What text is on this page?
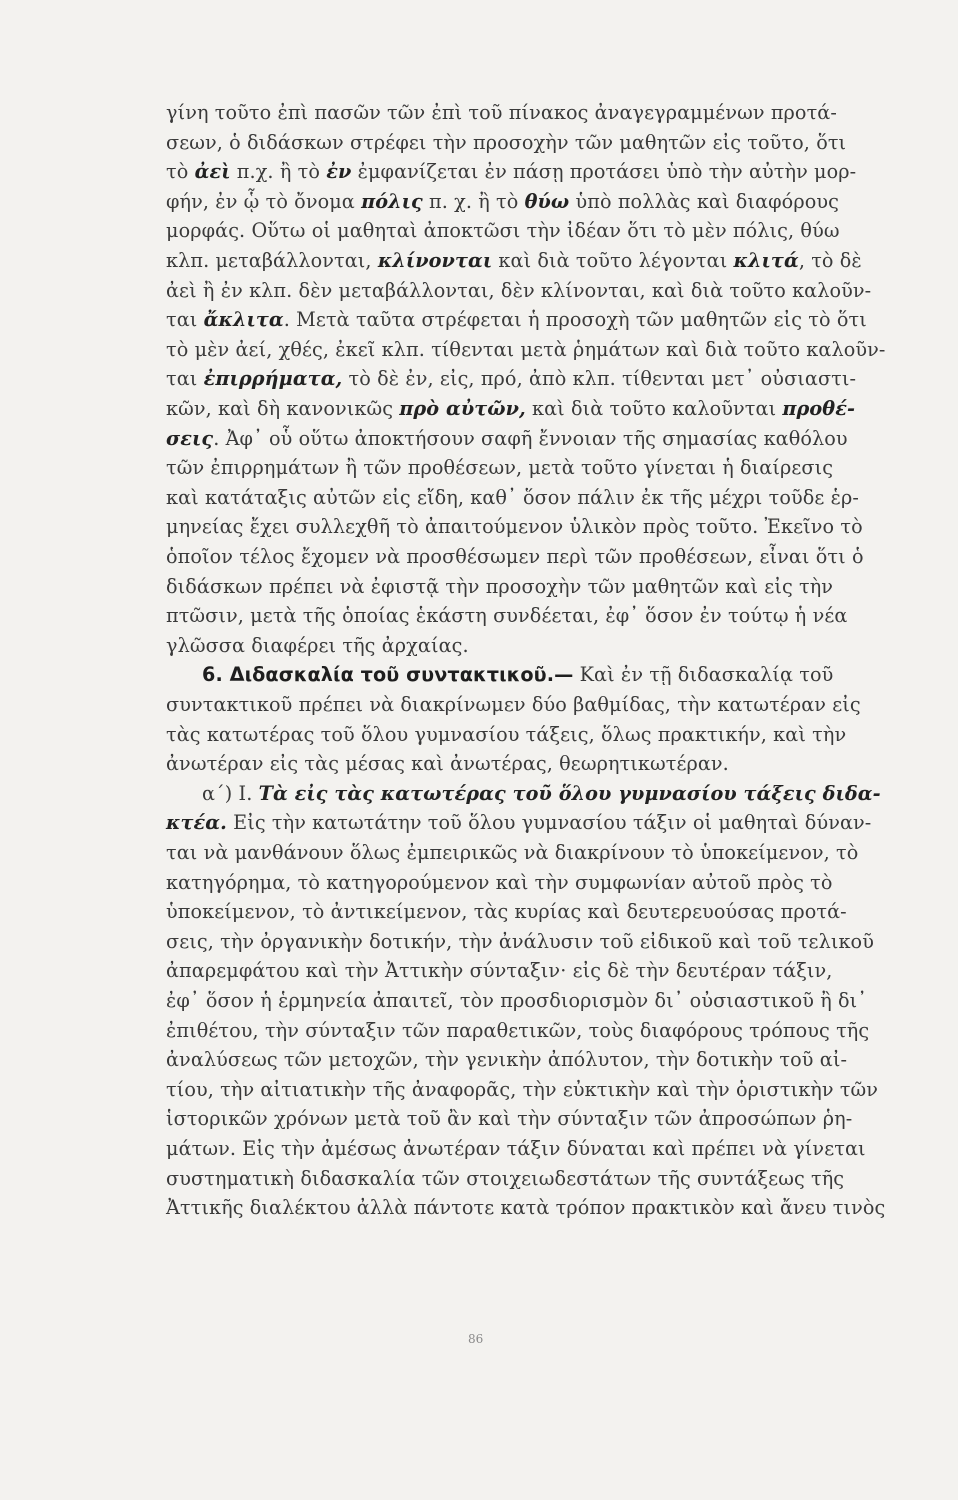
γίνη τοῦτο ἐπὶ πασῶν τῶν ἐπὶ τοῦ πίνακος ἀναγεγραμμένων προτά-
σεων, ὁ διδάσκων στρέφει τὴν προσοχὴν τῶν μαθητῶν εἰς τοῦτο, ὅτι
τὸ ἀεὶ π.χ. ἢ τὸ ἐν ἐμφανίζεται ἐν πάσῃ προτάσει ὑπὸ τὴν αὐτὴν μορ-
φήν, ἐν ᾧ τὸ ὄνομα πόλις π. χ. ἢ τὸ θύω ὑπὸ πολλὰς καὶ διαφόρους
μορφάς. Οὕτω οἱ μαθηταὶ ἀποκτῶσι τὴν ἰδέαν ὅτι τὸ μὲν πόλις, θύω
κλπ. μεταβάλλονται, κλίνονται καὶ διὰ τοῦτο λέγονται κλιτά, τὸ δὲ
ἀεὶ ἢ ἐν κλπ. δὲν μεταβάλλονται, δὲν κλίνονται, καὶ διὰ τοῦτο καλοῦν-
ται ἄκλιτα. Μετὰ ταῦτα στρέφεται ἡ προσοχὴ τῶν μαθητῶν εἰς τὸ ὅτι
τὸ μὲν ἀεί, χθές, ἐκεῖ κλπ. τίθενται μετὰ ῥημάτων καὶ διὰ τοῦτο καλοῦν-
ται ἐπιρρήματα, τὸ δὲ ἐν, εἰς, πρό, ἀπὸ κλπ. τίθενται μετ᾽ οὐσιαστι-
κῶν, καὶ δὴ κανονικῶς πρὸ αὐτῶν, καὶ διὰ τοῦτο καλοῦνται προθέ-
σεις. Ἀφ᾽ οὗ οὕτω ἀποκτήσουν σαφῆ ἔννοιαν τῆς σημασίας καθόλου
τῶν ἐπιρρημάτων ἢ τῶν προθέσεων, μετὰ τοῦτο γίνεται ἡ διαίρεσις
καὶ κατάταξις αὐτῶν εἰς εἴδη, καθ᾽ ὅσον πάλιν ἐκ τῆς μέχρι τοῦδε ἑρ-
μηνείας ἔχει συλλεχθῆ τὸ ἀπαιτούμενον ὑλικὸν πρὸς τοῦτο. Ἐκεῖνο τὸ
ὁποῖον τέλος ἔχομεν νὰ προσθέσωμεν περὶ τῶν προθέσεων, εἶναι ὅτι ὁ
διδάσκων πρέπει νὰ ἐφιστᾷ τὴν προσοχὴν τῶν μαθητῶν καὶ εἰς τὴν
πτῶσιν, μετὰ τῆς ὁποίας ἑκάστη συνδέεται, ἐφ᾽ ὅσον ἐν τούτῳ ἡ νέα
γλῶσσα διαφέρει τῆς ἀρχαίας.
6. Διδασκαλία τοῦ συντακτικοῦ.— Καὶ ἐν τῇ διδασκαλίᾳ τοῦ
συντακτικοῦ πρέπει νὰ διακρίνωμεν δύο βαθμίδας, τὴν κατωτέραν εἰς
τὰς κατωτέρας τοῦ ὅλου γυμνασίου τάξεις, ὅλως πρακτικήν, καὶ τὴν
ἀνωτέραν εἰς τὰς μέσας καὶ ἀνωτέρας, θεωρητικωτέραν.
α΄) Ι. Τὰ εἰς τὰς κατωτέρας τοῦ ὅλου γυμνασίου τάξεις διδα-
κτέα. Εἰς τὴν κατωτάτην τοῦ ὅλου γυμνασίου τάξιν οἱ μαθηταὶ δύναν-
ται νὰ μανθάνουν ὅλως ἐμπειρικῶς νὰ διακρίνουν τὸ ὑποκείμενον, τὸ
κατηγόρημα, τὸ κατηγορούμενον καὶ τὴν συμφωνίαν αὐτοῦ πρὸς τὸ
ὑποκείμενον, τὸ ἀντικείμενον, τὰς κυρίας καὶ δευτερευούσας προτά-
σεις, τὴν ὀργανικὴν δοτικήν, τὴν ἀνάλυσιν τοῦ εἰδικοῦ καὶ τοῦ τελικοῦ
ἀπαρεμφάτου καὶ τὴν Ἀττικὴν σύνταξιν· εἰς δὲ τὴν δευτέραν τάξιν,
ἐφ᾽ ὅσον ἡ ἑρμηνεία ἀπαιτεῖ, τὸν προσδιορισμὸν δι᾽ οὐσιαστικοῦ ἢ δι᾽
ἐπιθέτου, τὴν σύνταξιν τῶν παραθετικῶν, τοὺς διαφόρους τρόπους τῆς
ἀναλύσεως τῶν μετοχῶν, τὴν γενικὴν ἀπόλυτον, τὴν δοτικὴν τοῦ αἰ-
τίου, τὴν αἰτιατικὴν τῆς ἀναφορᾶς, τὴν εὐκτικὴν καὶ τὴν ὁριστικὴν τῶν
ἱστορικῶν χρόνων μετὰ τοῦ ἂν καὶ τὴν σύνταξιν τῶν ἀπροσώπων ῥη-
μάτων. Εἰς τὴν ἀμέσως ἀνωτέραν τάξιν δύναται καὶ πρέπει νὰ γίνεται
συστηματικὴ διδασκαλία τῶν στοιχειωδεστάτων τῆς συντάξεως τῆς
Ἀττικῆς διαλέκτου ἀλλὰ πάντοτε κατὰ τρόπον πρακτικὸν καὶ ἄνευ τινὸς
86
